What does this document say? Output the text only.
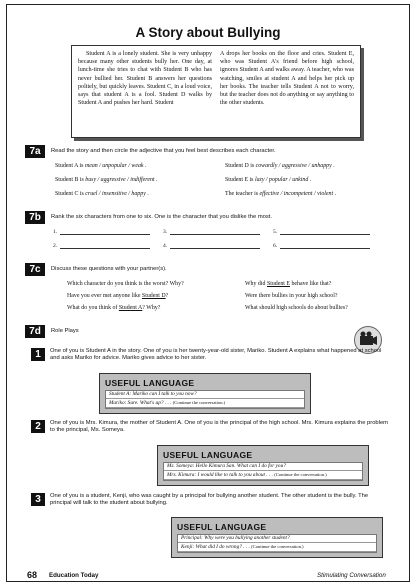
A Story about Bullying

Student A is a lonely student. She is very unhappy because many other students bully her. One day, at lunch-time she tries to chat with Student B who has never bullied her. Student B answers her questions politely, but quickly leaves. Student C, in a loud voice, says that student A is a fool. Student D walks by Student A and pushes her hard. Student

A drops her books on the floor and cries. Student E, who was Student A's friend before high school, ignores Student A and walks away. A teacher, who was watching, smiles at student A and helps her pick up her books. The teacher tells Student A not to worry, but the teacher does not do anything or say anything to the other students.

7a	Read the story and then circle the adjective that you feel best describes each character.
Student A is mean / unpopular / weak .	Student D is cowardly / aggressive / unhappy .
Student B is busy / aggressive / indifferent .	Student E is lazy / popular / unkind .
Student C is cruel / insensitive / happy .	The teacher is effective / incompetent / violent .
7b	Rank the six characters from one to six. One is the character that you dislike the most.
1.	3.	5.
2.	4.	6.
7c	Discuss these questions with your partner(s).
Which character do you think is the worst? Why?	Why did Student E behave like that?
Have you ever met anyone like Student D?	Were there bullies in your high school?
What do you think of Student A? Why?	What should high schools do about bullies?
7d	Role Plays
1	One of you is Student A in the story. One of you is her twenty-year-old sister, Mariko. Student A explains what happened at school and asks Mariko for advice. Mariko gives advice to her sister.
USEFUL LANGUAGE
Student A: Mariko can I talk to you now?
Mariko: Sure. What's up? . . . (Continue the conversation.)
2	One of you is Mrs. Kimura, the mother of Student A. One of you is the principal of the high school. Mrs. Kimura explains the problem to the principal, Ms. Someya.
USEFUL LANGUAGE
Ms. Someya: Hello Kimura San. What can I do for you?
Mrs. Kimura: I would like to talk to you about . . . (Continue the conversation.)
3	One of you is a student, Kenji, who was caught by a principal for bullying another student. The other student is the bully. The principal will talk to the student about bullying.
USEFUL LANGUAGE
Principal: Why were you bullying another student?
Kenji: What did I do wrong? . . . (Continue the conversation.)
68 Education Today	Stimulating Conversation
